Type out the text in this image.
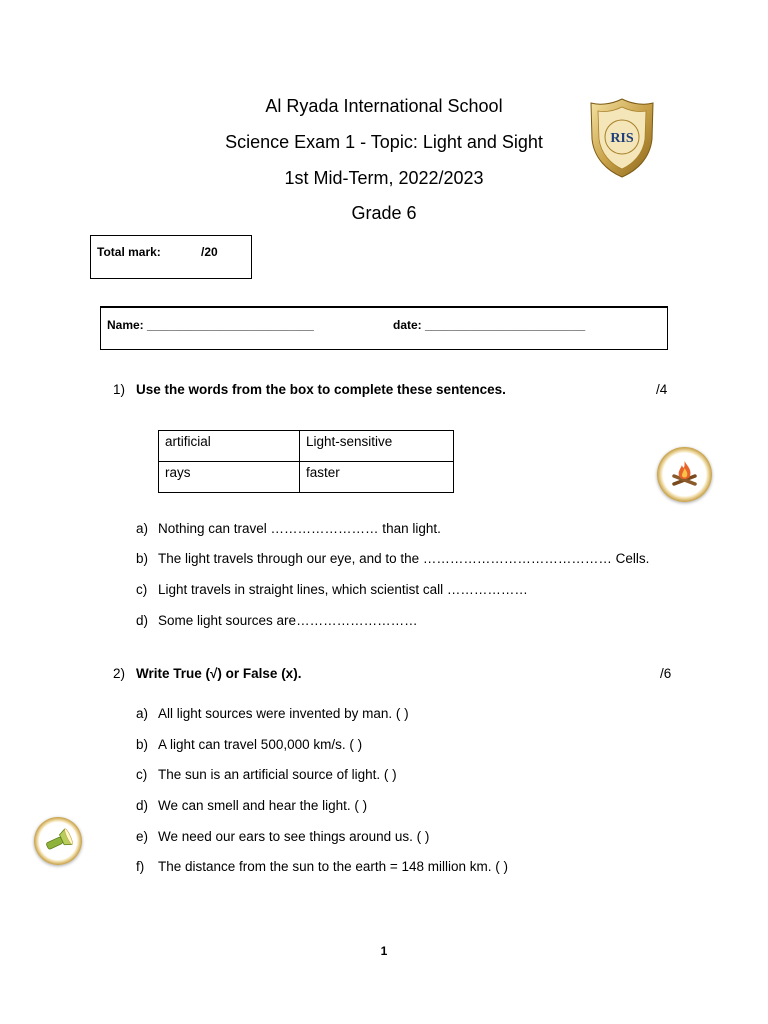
Al Ryada International School
Science Exam 1 - Topic: Light and Sight
1st Mid-Term, 2022/2023
Grade 6
RIS
Total mark:	/20
Name: _________________________	date: ________________________
1) Use the words from the box to complete these sentences.	/4
artificial	Light-sensitive
rays	faster
a) Nothing can travel …………………… than light.
b) The light travels through our eye, and to the …………………………………… Cells.
c) Light travels in straight lines, which scientist call ………………
d) Some light sources are………………………
2) Write True (√) or False (x).	/6
a) All light sources were invented by man. ( )
b) A light can travel 500,000 km/s. ( )
c) The sun is an artificial source of light. ( )
d) We can smell and hear the light. ( )
e) We need our ears to see things around us. ( )
f) The distance from the sun to the earth = 148 million km. ( )
1
